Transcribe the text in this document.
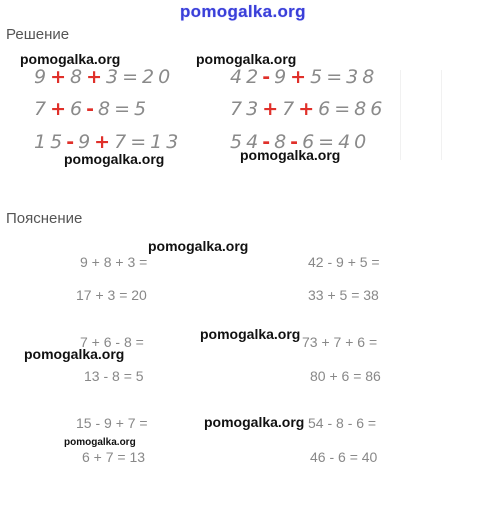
pomogalka.org
Решение
9+8+3=20
7+6-8=5
15-9+7=13
42-9+5=38
73+7+6=86
54-8-6=40
pomogalka.org	pomogalka.org
pomogalka.org	pomogalka.org
Пояснение
9 + 8 + 3 =
17 + 3 = 20
7 + 6 - 8 =
13 - 8 = 5
15 - 9 + 7 =
6 + 7 = 13
42 - 9 + 5 =
33 + 5 = 38
73 + 7 + 6 =
80 + 6 = 86
54 - 8 - 6 =
46 - 6 = 40
pomogalka.org
pomogalka.org
pomogalka.org
pomogalka.org
pomogalka.org
